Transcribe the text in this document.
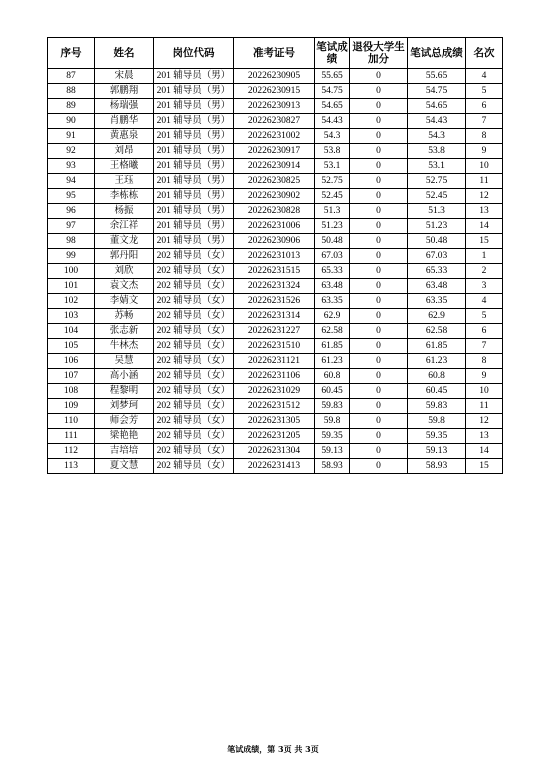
序号	姓名	岗位代码	准考证号	笔试成绩	退役大学生加分	笔试总成绩	名次
87	宋晨	201 辅导员（男）	20226230905	55.65	0	55.65	4
88	郭鹏翔	201 辅导员（男）	20226230915	54.75	0	54.75	5
89	杨瑞强	201 辅导员（男）	20226230913	54.65	0	54.65	6
90	肖鹏华	201 辅导员（男）	20226230827	54.43	0	54.43	7
91	黄惠泉	201 辅导员（男）	20226231002	54.3	0	54.3	8
92	刘昂	201 辅导员（男）	20226230917	53.8	0	53.8	9
93	王格曦	201 辅导员（男）	20226230914	53.1	0	53.1	10
94	王珏	201 辅导员（男）	20226230825	52.75	0	52.75	11
95	李栋栋	201 辅导员（男）	20226230902	52.45	0	52.45	12
96	杨振	201 辅导员（男）	20226230828	51.3	0	51.3	13
97	余江祥	201 辅导员（男）	20226231006	51.23	0	51.23	14
98	董文龙	201 辅导员（男）	20226230906	50.48	0	50.48	15
99	郭丹阳	202 辅导员（女）	20226231013	67.03	0	67.03	1
100	刘欣	202 辅导员（女）	20226231515	65.33	0	65.33	2
101	袁文杰	202 辅导员（女）	20226231324	63.48	0	63.48	3
102	李婧文	202 辅导员（女）	20226231526	63.35	0	63.35	4
103	苏畅	202 辅导员（女）	20226231314	62.9	0	62.9	5
104	张志新	202 辅导员（女）	20226231227	62.58	0	62.58	6
105	牛林杰	202 辅导员（女）	20226231510	61.85	0	61.85	7
106	吴慧	202 辅导员（女）	20226231121	61.23	0	61.23	8
107	高小涵	202 辅导员（女）	20226231106	60.8	0	60.8	9
108	程黎明	202 辅导员（女）	20226231029	60.45	0	60.45	10
109	刘梦珂	202 辅导员（女）	20226231512	59.83	0	59.83	11
110	师会芳	202 辅导员（女）	20226231305	59.8	0	59.8	12
111	梁艳艳	202 辅导员（女）	20226231205	59.35	0	59.35	13
112	吉培培	202 辅导员（女）	20226231304	59.13	0	59.13	14
113	夏文慧	202 辅导员（女）	20226231413	58.93	0	58.93	15
笔试成绩，第 3页 共 3页
